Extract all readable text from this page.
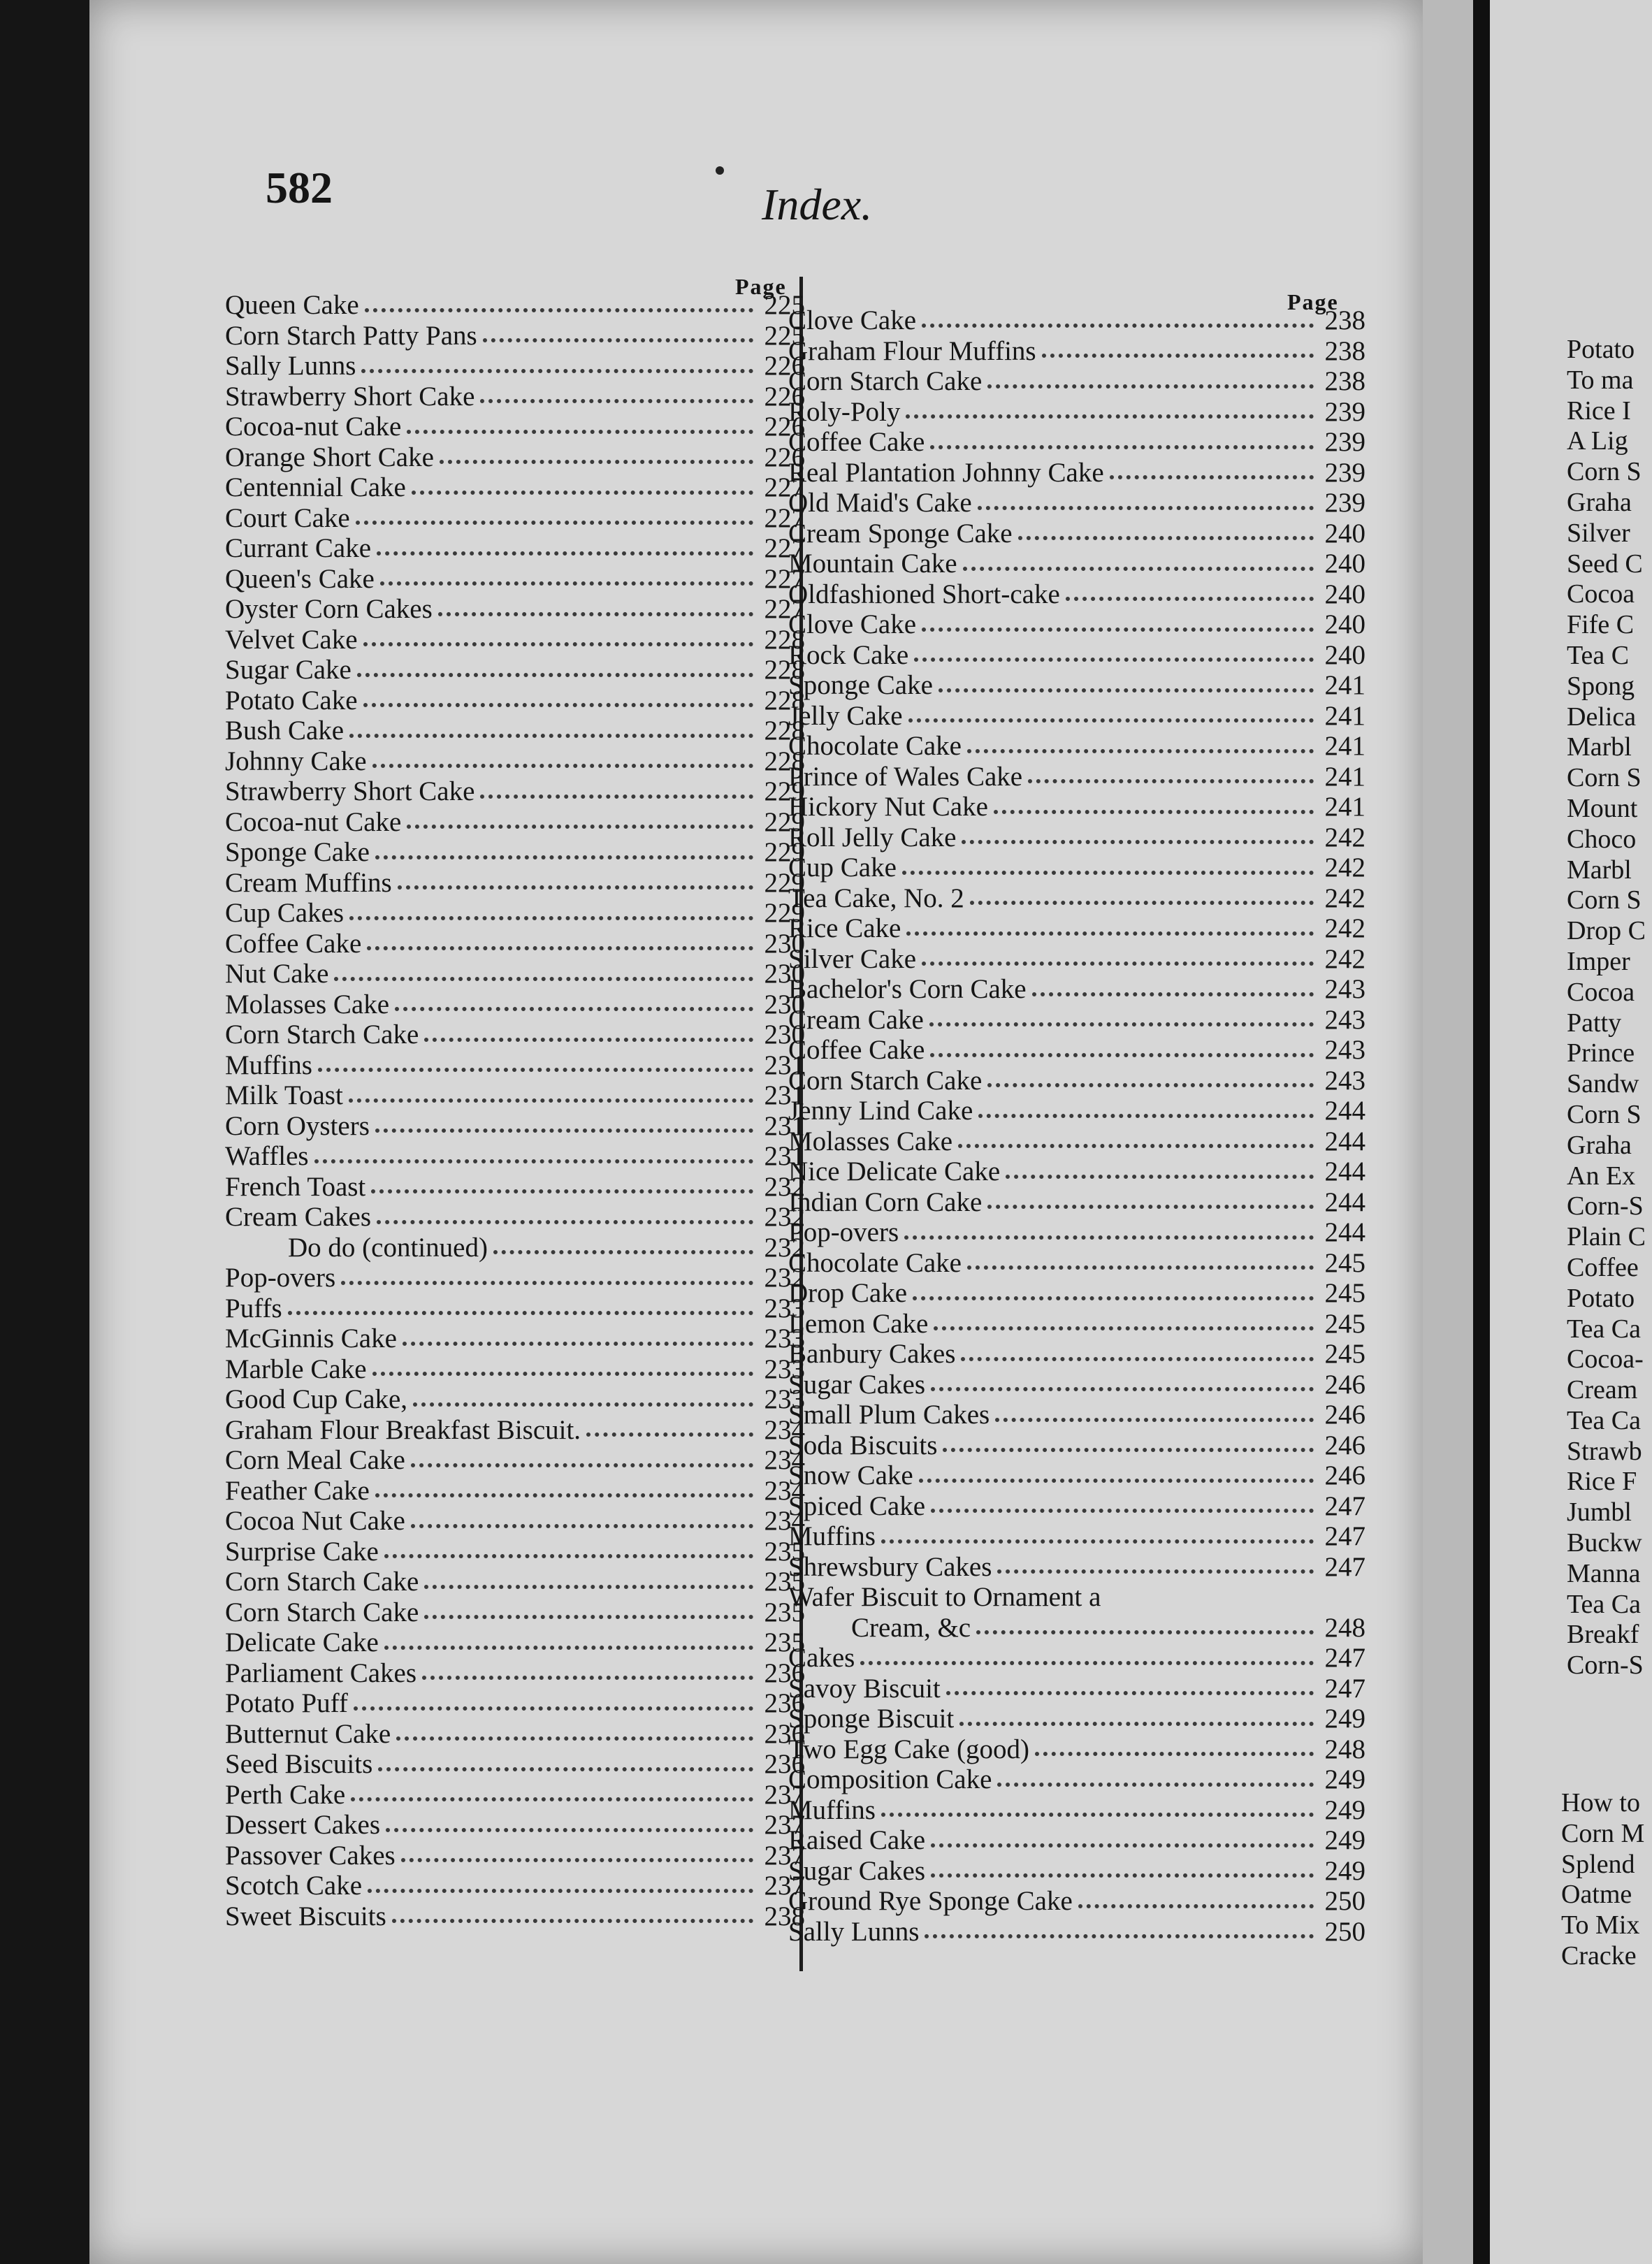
582	Index.
Page
Page
Queen Cake	225
Corn Starch Patty Pans	225
Sally Lunns	226
Strawberry Short Cake	226
Cocoa-nut Cake	226
Orange Short Cake	226
Centennial Cake	227
Court Cake	227
Currant Cake	227
Queen's Cake	227
Oyster Corn Cakes	227
Velvet Cake	228
Sugar Cake	228
Potato Cake	228
Bush Cake	228
Johnny Cake	228
Strawberry Short Cake	229
Cocoa-nut Cake	229
Sponge Cake	229
Cream Muffins	229
Cup Cakes	229
Coffee Cake	230
Nut Cake	230
Molasses Cake	230
Corn Starch Cake	230
Muffins	231
Milk Toast	231
Corn Oysters	231
Waffles	231
French Toast	232
Cream Cakes	232
Do do (continued)	232
Pop-overs	232
Puffs	233
McGinnis Cake	233
Marble Cake	233
Good Cup Cake,	233
Graham Flour Breakfast Biscuit.	234
Corn Meal Cake	234
Feather Cake	234
Cocoa Nut Cake	234
Surprise Cake	235
Corn Starch Cake	235
Corn Starch Cake	235
Delicate Cake	235
Parliament Cakes	236
Potato Puff	236
Butternut Cake	236
Seed Biscuits	236
Perth Cake	237
Dessert Cakes	237
Passover Cakes	237
Scotch Cake	237
Sweet Biscuits	238
Clove Cake	238
Graham Flour Muffins	238
Corn Starch Cake	238
Roly-Poly	239
Coffee Cake	239
Real Plantation Johnny Cake	239
Old Maid's Cake	239
Cream Sponge Cake	240
Mountain Cake	240
Oldfashioned Short-cake	240
Clove Cake	240
Rock Cake	240
Sponge Cake	241
Jelly Cake	241
Chocolate Cake	241
Prince of Wales Cake	241
Hickory Nut Cake	241
Roll Jelly Cake	242
Cup Cake	242
Tea Cake, No. 2	242
Rice Cake	242
Silver Cake	242
Bachelor's Corn Cake	243
Cream Cake	243
Coffee Cake	243
Corn Starch Cake	243
Jenny Lind Cake	244
Molasses Cake	244
Nice Delicate Cake	244
Indian Corn Cake	244
Pop-overs	244
Chocolate Cake	245
Drop Cake	245
Lemon Cake	245
Banbury Cakes	245
Sugar Cakes	246
Small Plum Cakes	246
Soda Biscuits	246
Snow Cake	246
Spiced Cake	247
Muffins	247
Shrewsbury Cakes	247
Wafer Biscuit to Ornament a
Cream, &c	248
Cakes	247
Savoy Biscuit	247
Sponge Biscuit	249
Two Egg Cake (good)	248
Composition Cake	249
Muffins	249
Raised Cake	249
Sugar Cakes	249
Ground Rye Sponge Cake	250
Sally Lunns	250
Potato
To ma
Rice I
A Lig
Corn S
Graha
Silver
Seed C
Cocoa
Fife C
Tea C
Spong
Delica
Marbl
Corn S
Mount
Choco
Marbl
Corn S
Drop C
Imper
Cocoa
Patty
Prince
Sandw
Corn S
Graha
An Ex
Corn-S
Plain C
Coffee
Potato
Tea Ca
Cocoa-
Cream
Tea Ca
Strawb
Rice F
Jumbl
Buckw
Manna
Tea Ca
Breakf
Corn-S
How to
Corn M
Splend
Oatme
To Mix
Cracke
